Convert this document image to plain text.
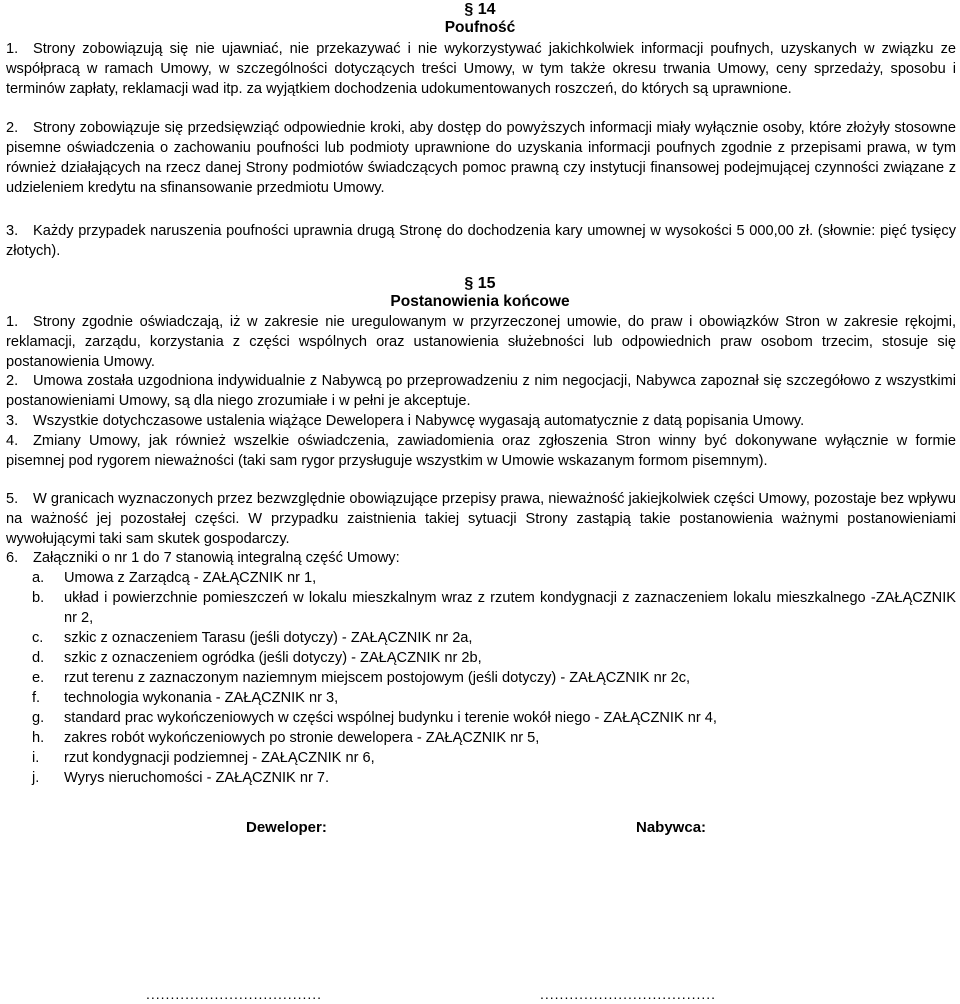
§ 14
Poufność
1.	Strony zobowiązują się nie ujawniać, nie przekazywać i nie wykorzystywać jakichkolwiek informacji poufnych, uzyskanych w związku ze współpracą w ramach Umowy, w szczególności dotyczących treści Umowy, w tym także okresu trwania Umowy, ceny sprzedaży, sposobu i terminów zapłaty, reklamacji wad itp. za wyjątkiem dochodzenia udokumentowanych roszczeń, do których są uprawnione.
2.	Strony zobowiązuje się przedsięwziąć odpowiednie kroki, aby dostęp do powyższych informacji miały wyłącznie osoby, które złożyły stosowne pisemne oświadczenia o zachowaniu poufności lub podmioty uprawnione do uzyskania informacji poufnych zgodnie z przepisami prawa, w tym również działających na rzecz danej Strony podmiotów świadczących pomoc prawną czy instytucji finansowej podejmującej czynności związane z udzieleniem kredytu na sfinansowanie przedmiotu Umowy.
3.	Każdy przypadek naruszenia poufności uprawnia drugą Stronę do dochodzenia kary umownej w wysokości 5 000,00 zł. (słownie: pięć tysięcy złotych).
§ 15
Postanowienia końcowe
1.	Strony zgodnie oświadczają, iż w zakresie nie uregulowanym w przyrzeczonej umowie, do praw i obowiązków Stron w zakresie rękojmi, reklamacji, zarządu, korzystania z części wspólnych oraz ustanowienia służebności lub odpowiednich praw osobom trzecim, stosuje się postanowienia Umowy.
2.	Umowa została uzgodniona indywidualnie z Nabywcą po przeprowadzeniu z nim negocjacji, Nabywca zapoznał się szczegółowo z wszystkimi postanowieniami Umowy, są dla niego zrozumiałe i w pełni je akceptuje.
3.	Wszystkie dotychczasowe ustalenia wiążące Dewelopera i Nabywcę wygasają automatycznie z datą popisania Umowy.
4.	Zmiany Umowy, jak również wszelkie oświadczenia, zawiadomienia oraz zgłoszenia Stron winny być dokonywane wyłącznie w formie pisemnej pod rygorem nieważności (taki sam rygor przysługuje wszystkim w Umowie wskazanym formom pisemnym).
5.	W granicach wyznaczonych przez bezwzględnie obowiązujące przepisy prawa, nieważność jakiejkolwiek części Umowy, pozostaje bez wpływu na ważność jej pozostałej części. W przypadku zaistnienia takiej sytuacji Strony zastąpią takie postanowienia ważnymi postanowieniami wywołującymi taki sam skutek gospodarczy.
6.	Załączniki o nr 1 do 7 stanowią integralną część Umowy:
a.	Umowa z Zarządcą - ZAŁĄCZNIK nr 1,
b.	układ i powierzchnie pomieszczeń w lokalu mieszkalnym wraz z rzutem kondygnacji z zaznaczeniem lokalu mieszkalnego -ZAŁĄCZNIK nr 2,
c.	szkic z oznaczeniem Tarasu (jeśli dotyczy) - ZAŁĄCZNIK nr 2a,
d.	szkic z oznaczeniem ogródka (jeśli dotyczy) - ZAŁĄCZNIK nr 2b,
e.	rzut terenu z zaznaczonym naziemnym miejscem postojowym (jeśli dotyczy) - ZAŁĄCZNIK nr 2c,
f.	technologia wykonania - ZAŁĄCZNIK nr 3,
g.	standard prac wykończeniowych w części wspólnej budynku i terenie wokół niego - ZAŁĄCZNIK nr 4,
h.	zakres robót wykończeniowych po stronie dewelopera - ZAŁĄCZNIK nr 5,
i.	rzut kondygnacji podziemnej - ZAŁĄCZNIK nr 6,
j.	Wyrys nieruchomości - ZAŁĄCZNIK nr 7.
Deweloper:	Nabywca:
....................................	....................................
